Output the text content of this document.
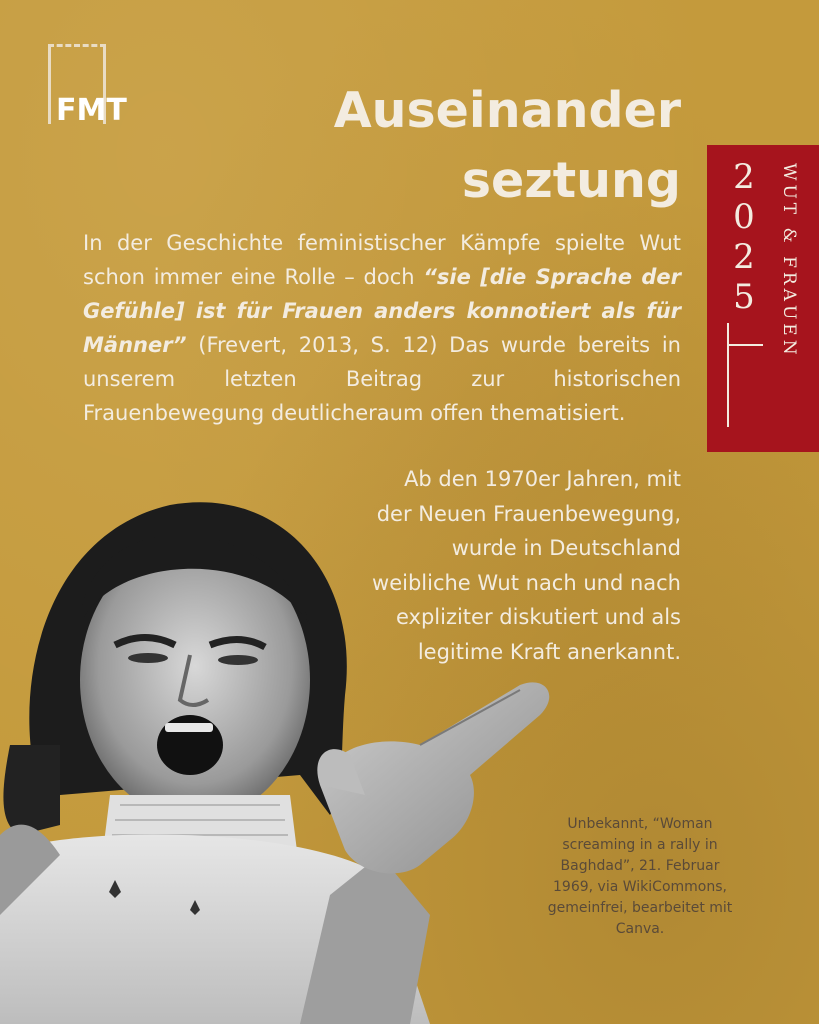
FMT	Auseinander
seztung 2
0
2
5	WUT & FRAUEN
In der Geschichte feministischer Kämpfe spielte Wut schon immer eine Rolle – doch “sie [die Sprache der Gefühle] ist für Frauen anders konnotiert als für Männer” (Frevert, 2013, S. 12) Das wurde bereits in unserem letzten Beitrag zur historischen Frauenbewegung deutlicheraum offen thematisiert.
Ab den 1970er Jahren, mit
der Neuen Frauenbewegung,
wurde in Deutschland
weibliche Wut nach und nach
expliziter diskutiert und als
legitime Kraft anerkannt.
Unbekannt, “Woman screaming in a rally in Baghdad”, 21. Februar 1969, via WikiCommons, gemeinfrei, bearbeitet mit Canva.
